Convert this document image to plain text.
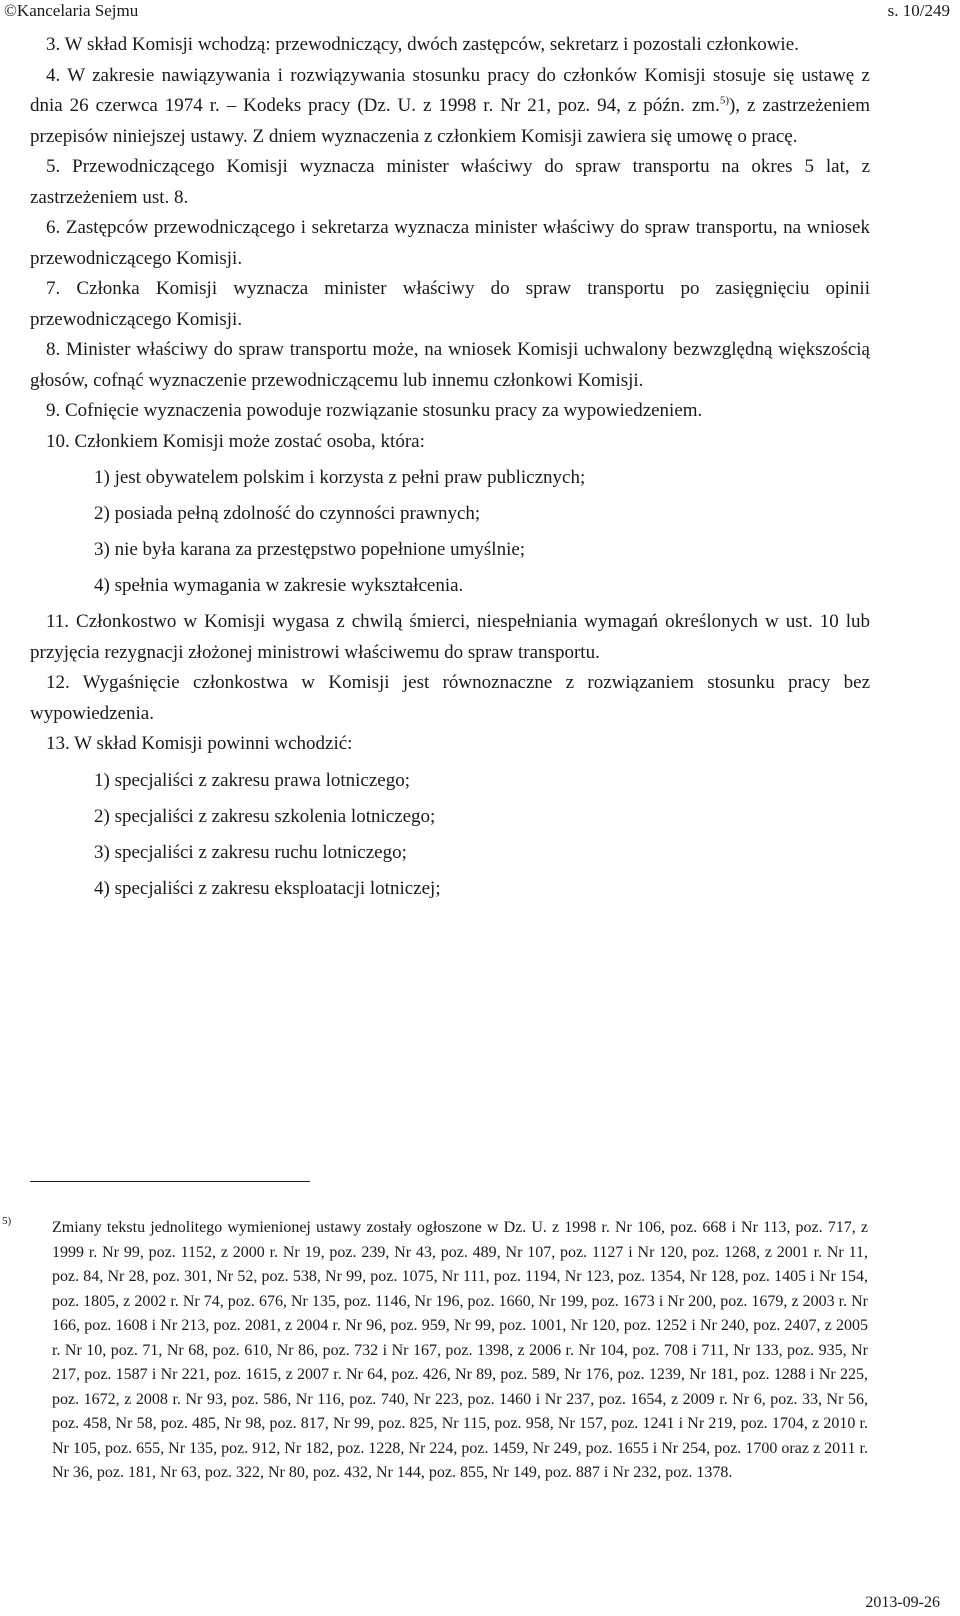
©Kancelaria Sejmu	s. 10/249

3. W skład Komisji wchodzą: przewodniczący, dwóch zastępców, sekretarz i pozostali członkowie.

4. W zakresie nawiązywania i rozwiązywania stosunku pracy do członków Komisji stosuje się ustawę z dnia 26 czerwca 1974 r. – Kodeks pracy (Dz. U. z 1998 r. Nr 21, poz. 94, z późn. zm.$^{5)}$), z zastrzeżeniem przepisów niniejszej ustawy. Z dniem wyznaczenia z członkiem Komisji zawiera się umowę o pracę.

5. Przewodniczącego Komisji wyznacza minister właściwy do spraw transportu na okres 5 lat, z zastrzeżeniem ust. 8.

6. Zastępców przewodniczącego i sekretarza wyznacza minister właściwy do spraw transportu, na wniosek przewodniczącego Komisji.

7. Członka Komisji wyznacza minister właściwy do spraw transportu po zasięgnięciu opinii przewodniczącego Komisji.

8. Minister właściwy do spraw transportu może, na wniosek Komisji uchwalony bezwzględną większością głosów, cofnąć wyznaczenie przewodniczącemu lub innemu członkowi Komisji.

9. Cofnięcie wyznaczenia powoduje rozwiązanie stosunku pracy za wypowiedzeniem.

10. Członkiem Komisji może zostać osoba, która:

1) jest obywatelem polskim i korzysta z pełni praw publicznych;

2) posiada pełną zdolność do czynności prawnych;

3) nie była karana za przestępstwo popełnione umyślnie;

4) spełnia wymagania w zakresie wykształcenia.

11. Członkostwo w Komisji wygasa z chwilą śmierci, niespełniania wymagań określonych w ust. 10 lub przyjęcia rezygnacji złożonej ministrowi właściwemu do spraw transportu.

12. Wygaśnięcie członkostwa w Komisji jest równoznaczne z rozwiązaniem stosunku pracy bez wypowiedzenia.

13. W skład Komisji powinni wchodzić:

1) specjaliści z zakresu prawa lotniczego;

2) specjaliści z zakresu szkolenia lotniczego;

3) specjaliści z zakresu ruchu lotniczego;

4) specjaliści z zakresu eksploatacji lotniczej;

5)	Zmiany tekstu jednolitego wymienionej ustawy zostały ogłoszone w Dz. U. z 1998 r. Nr 106, poz. 668 i Nr 113, poz. 717, z 1999 r. Nr 99, poz. 1152, z 2000 r. Nr 19, poz. 239, Nr 43, poz. 489, Nr 107, poz. 1127 i Nr 120, poz. 1268, z 2001 r. Nr 11, poz. 84, Nr 28, poz. 301, Nr 52, poz. 538, Nr 99, poz. 1075, Nr 111, poz. 1194, Nr 123, poz. 1354, Nr 128, poz. 1405 i Nr 154, poz. 1805, z 2002 r. Nr 74, poz. 676, Nr 135, poz. 1146, Nr 196, poz. 1660, Nr 199, poz. 1673 i Nr 200, poz. 1679, z 2003 r. Nr 166, poz. 1608 i Nr 213, poz. 2081, z 2004 r. Nr 96, poz. 959, Nr 99, poz. 1001, Nr 120, poz. 1252 i Nr 240, poz. 2407, z 2005 r. Nr 10, poz. 71, Nr 68, poz. 610, Nr 86, poz. 732 i Nr 167, poz. 1398, z 2006 r. Nr 104, poz. 708 i 711, Nr 133, poz. 935, Nr 217, poz. 1587 i Nr 221, poz. 1615, z 2007 r. Nr 64, poz. 426, Nr 89, poz. 589, Nr 176, poz. 1239, Nr 181, poz. 1288 i Nr 225, poz. 1672, z 2008 r. Nr 93, poz. 586, Nr 116, poz. 740, Nr 223, poz. 1460 i Nr 237, poz. 1654, z 2009 r. Nr 6, poz. 33, Nr 56, poz. 458, Nr 58, poz. 485, Nr 98, poz. 817, Nr 99, poz. 825, Nr 115, poz. 958, Nr 157, poz. 1241 i Nr 219, poz. 1704, z 2010 r. Nr 105, poz. 655, Nr 135, poz. 912, Nr 182, poz. 1228, Nr 224, poz. 1459, Nr 249, poz. 1655 i Nr 254, poz. 1700 oraz z 2011 r. Nr 36, poz. 181, Nr 63, poz. 322, Nr 80, poz. 432, Nr 144, poz. 855, Nr 149, poz. 887 i Nr 232, poz. 1378.

2013-09-26
